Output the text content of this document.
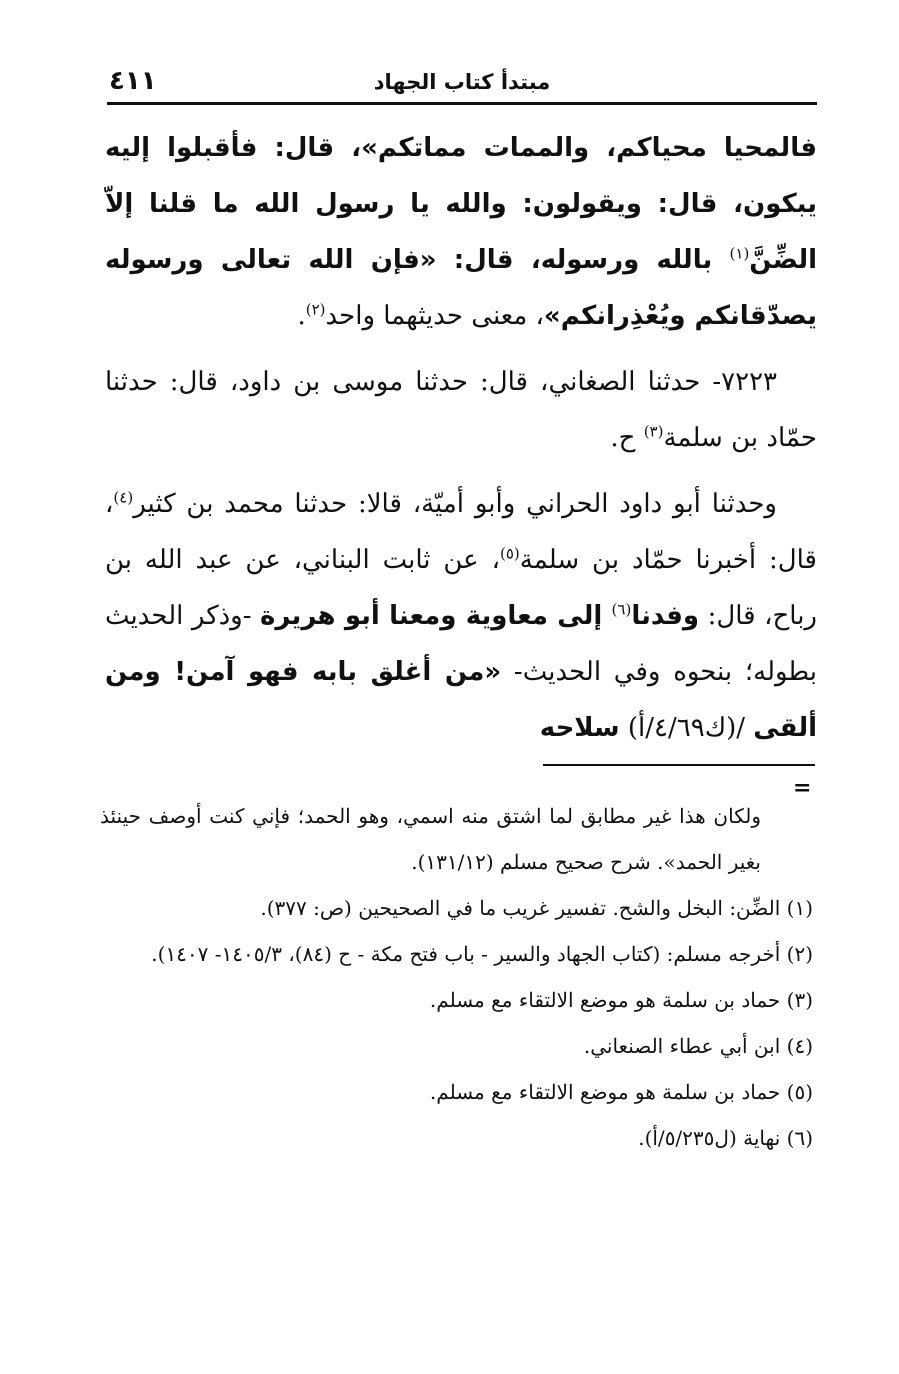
مبتدأ كتاب الجهاد
٤١١

فالمحيا محياكم، والممات مماتكم»، قال: فأقبلوا إليه يبكون، قال: ويقولون: والله يا رسول الله ما قلنا إلاّ الضِّنَّ$^{(١)}$ بالله ورسوله، قال: «فإن الله تعالى ورسوله يصدّقانكم ويُعْذِرانكم»، معنى حديثهما واحد$^{(٢)}$.

٧٢٢٣- حدثنا الصغاني، قال: حدثنا موسى بن داود، قال: حدثنا حمّاد بن سلمة$^{(٣)}$ ح.

وحدثنا أبو داود الحراني وأبو أميّة، قالا: حدثنا محمد بن كثير$^{(٤)}$، قال: أخبرنا حمّاد بن سلمة$^{(٥)}$، عن ثابت البناني، عن عبد الله بن رباح، قال: وفدنا$^{(٦)}$ إلى معاوية ومعنا أبو هريرة -وذكر الحديث بطوله؛ بنحوه وفي الحديث- «من أغلق بابه فهو آمن! ومن ألقى /(ك٤/٦٩/أ) سلاحه

=

ولكان هذا غير مطابق لما اشتق منه اسمي، وهو الحمد؛ فإني كنت أوصف حينئذ بغير الحمد». شرح صحيح مسلم (١٣١/١٢).

(١) الضِّن: البخل والشح. تفسير غريب ما في الصحيحين (ص: ٣٧٧).

(٢) أخرجه مسلم: (كتاب الجهاد والسير - باب فتح مكة - ح (٨٤)، ١٤٠٥/٣- ١٤٠٧).

(٣) حماد بن سلمة هو موضع الالتقاء مع مسلم.

(٤) ابن أبي عطاء الصنعاني.

(٥) حماد بن سلمة هو موضع الالتقاء مع مسلم.

(٦) نهاية (ل٥/٢٣٥/أ).
